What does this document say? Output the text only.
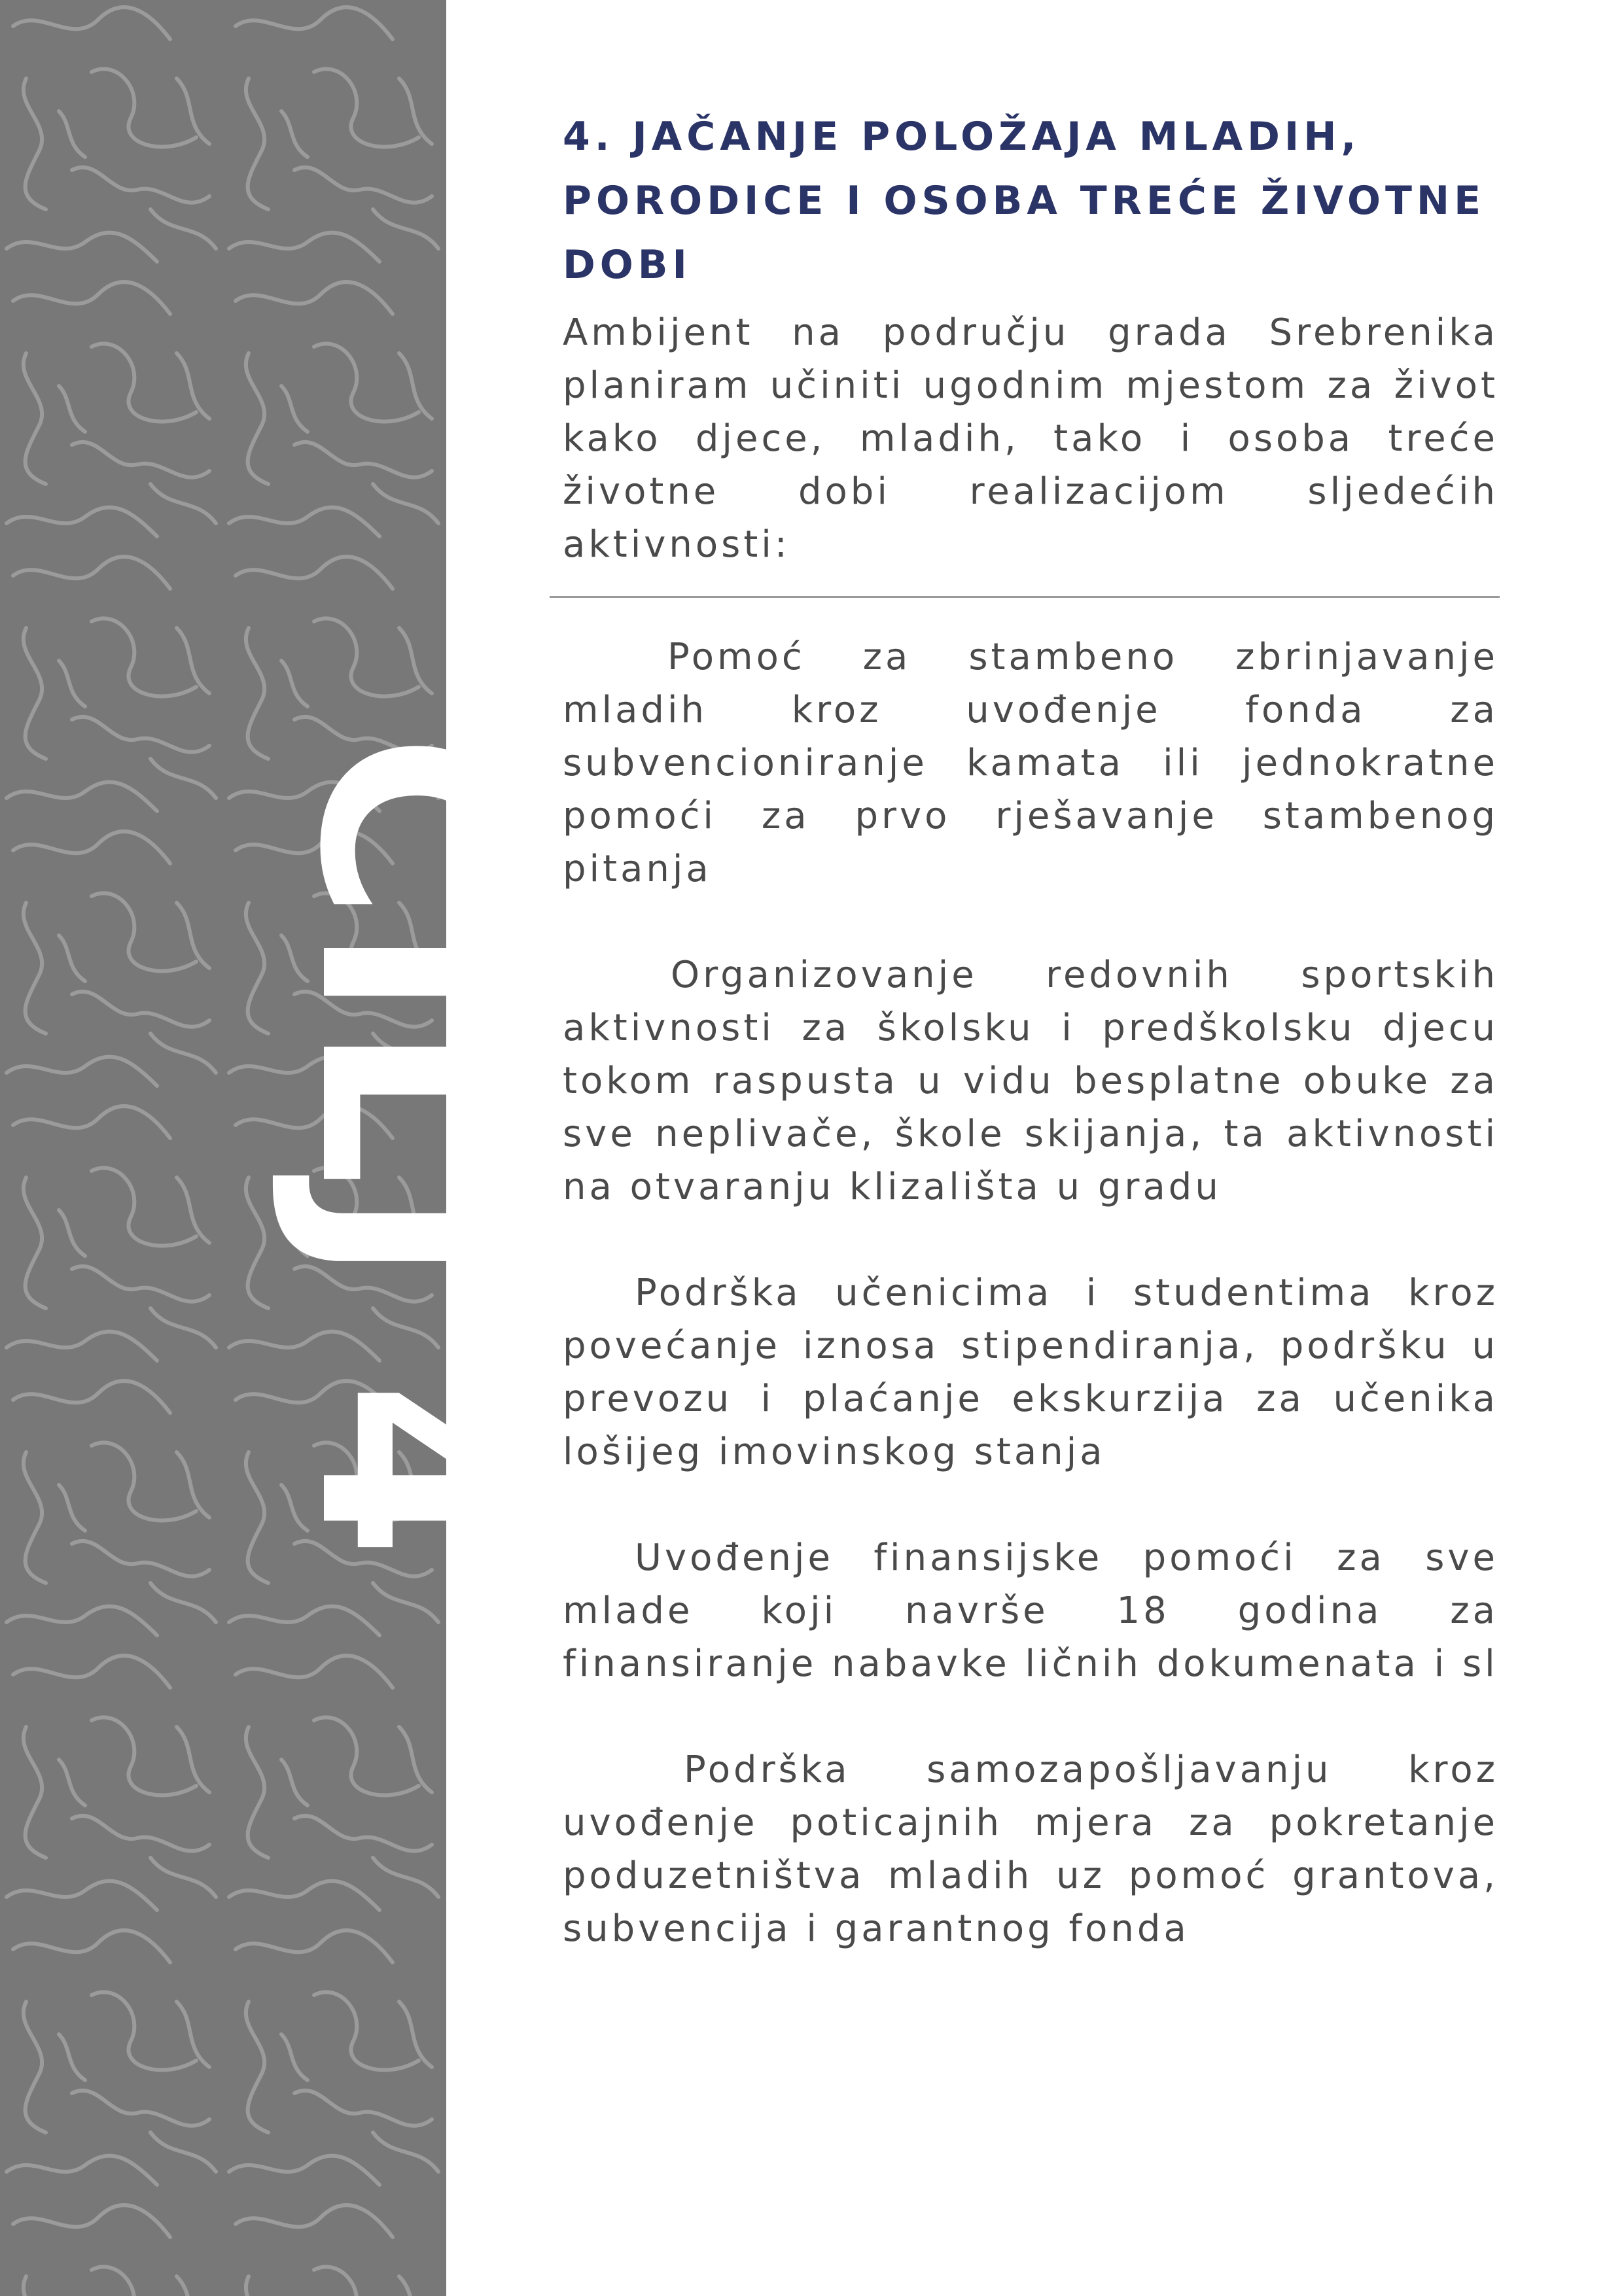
CILJ 4
4. JAČANJE POLOŽAJA MLADIH, PORODICE I OSOBA TREĆE ŽIVOTNE DOBI

Ambijent na području grada Srebrenika planiram učiniti ugodnim mjestom za život kako djece, mladih, tako i osoba treće životne dobi realizacijom sljedećih aktivnosti:

Pomoć za stambeno zbrinjavanje mladih kroz uvođenje fonda za subvencioniranje kamata ili jednokratne pomoći za prvo rješavanje stambenog pitanja

Organizovanje redovnih sportskih aktivnosti za školsku i predškolsku djecu tokom raspusta u vidu besplatne obuke za sve neplivače, škole skijanja, ta aktivnosti na otvaranju klizališta u gradu

Podrška učenicima i studentima kroz povećanje iznosa stipendiranja, podršku u prevozu i plaćanje ekskurzija za učenika lošijeg imovinskog stanja

Uvođenje finansijske pomoći za sve mlade koji navrše 18 godina za finansiranje nabavke ličnih dokumenata i sl

Podrška samozapošljavanju kroz uvođenje poticajnih mjera za pokretanje poduzetništva mladih uz pomoć grantova, subvencija i garantnog fonda
